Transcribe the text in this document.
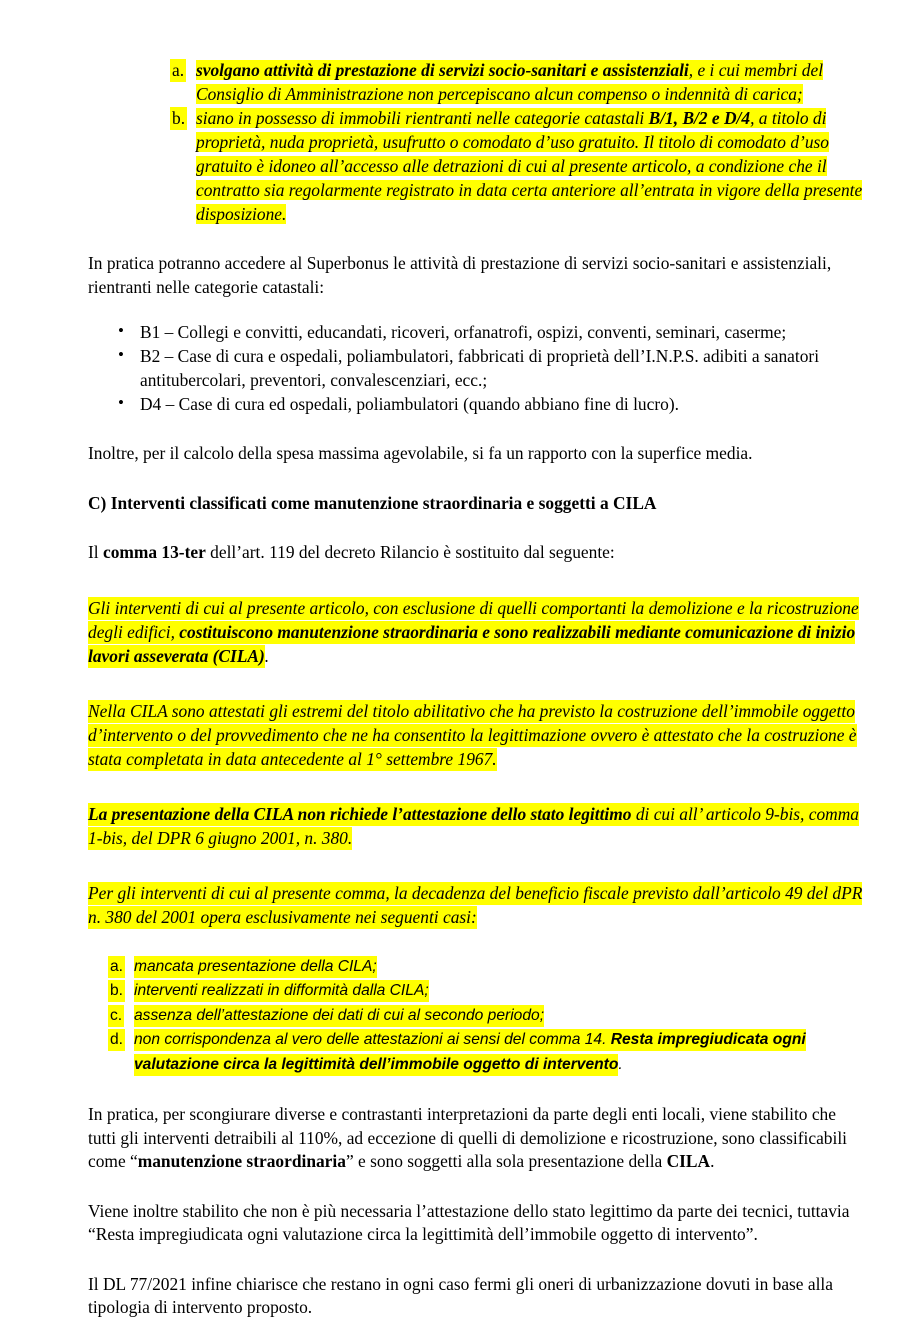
a. svolgano attività di prestazione di servizi socio-sanitari e assistenziali, e i cui membri del Consiglio di Amministrazione non percepiscano alcun compenso o indennità di carica;
b. siano in possesso di immobili rientranti nelle categorie catastali B/1, B/2 e D/4, a titolo di proprietà, nuda proprietà, usufrutto o comodato d’uso gratuito. Il titolo di comodato d’uso gratuito è idoneo all’accesso alle detrazioni di cui al presente articolo, a condizione che il contratto sia regolarmente registrato in data certa anteriore all’entrata in vigore della presente disposizione.

In pratica potranno accedere al Superbonus le attività di prestazione di servizi socio-sanitari e assistenziali, rientranti nelle categorie catastali:

• B1 – Collegi e convitti, educandati, ricoveri, orfanatrofi, ospizi, conventi, seminari, caserme;
• B2 – Case di cura e ospedali, poliambulatori, fabbricati di proprietà dell’I.N.P.S. adibiti a sanatori antitubercolari, preventori, convalescenziari, ecc.;
• D4 – Case di cura ed ospedali, poliambulatori (quando abbiano fine di lucro).

Inoltre, per il calcolo della spesa massima agevolabile, si fa un rapporto con la superfice media.

C) Interventi classificati come manutenzione straordinaria e soggetti a CILA

Il comma 13-ter dell’art. 119 del decreto Rilancio è sostituito dal seguente:

Gli interventi di cui al presente articolo, con esclusione di quelli comportanti la demolizione e la ricostruzione degli edifici, costituiscono manutenzione straordinaria e sono realizzabili mediante comunicazione di inizio lavori asseverata (CILA).

Nella CILA sono attestati gli estremi del titolo abilitativo che ha previsto la costruzione dell’immobile oggetto d’intervento o del provvedimento che ne ha consentito la legittimazione ovvero è attestato che la costruzione è stata completata in data antecedente al 1° settembre 1967.

La presentazione della CILA non richiede l’attestazione dello stato legittimo di cui all’ articolo 9-bis, comma 1-bis, del DPR 6 giugno 2001, n. 380.

Per gli interventi di cui al presente comma, la decadenza del beneficio fiscale previsto dall’articolo 49 del dPR n. 380 del 2001 opera esclusivamente nei seguenti casi:

a. mancata presentazione della CILA;
b. interventi realizzati in difformità dalla CILA;
c. assenza dell’attestazione dei dati di cui al secondo periodo;
d. non corrispondenza al vero delle attestazioni ai sensi del comma 14. Resta impregiudicata ogni valutazione circa la legittimità dell’immobile oggetto di intervento.

In pratica, per scongiurare diverse e contrastanti interpretazioni da parte degli enti locali, viene stabilito che tutti gli interventi detraibili al 110%, ad eccezione di quelli di demolizione e ricostruzione, sono classificabili come “manutenzione straordinaria” e sono soggetti alla sola presentazione della CILA.

Viene inoltre stabilito che non è più necessaria l’attestazione dello stato legittimo da parte dei tecnici, tuttavia “Resta impregiudicata ogni valutazione circa la legittimità dell’immobile oggetto di intervento”.

Il DL 77/2021 infine chiarisce che restano in ogni caso fermi gli oneri di urbanizzazione dovuti in base alla tipologia di intervento proposto.
